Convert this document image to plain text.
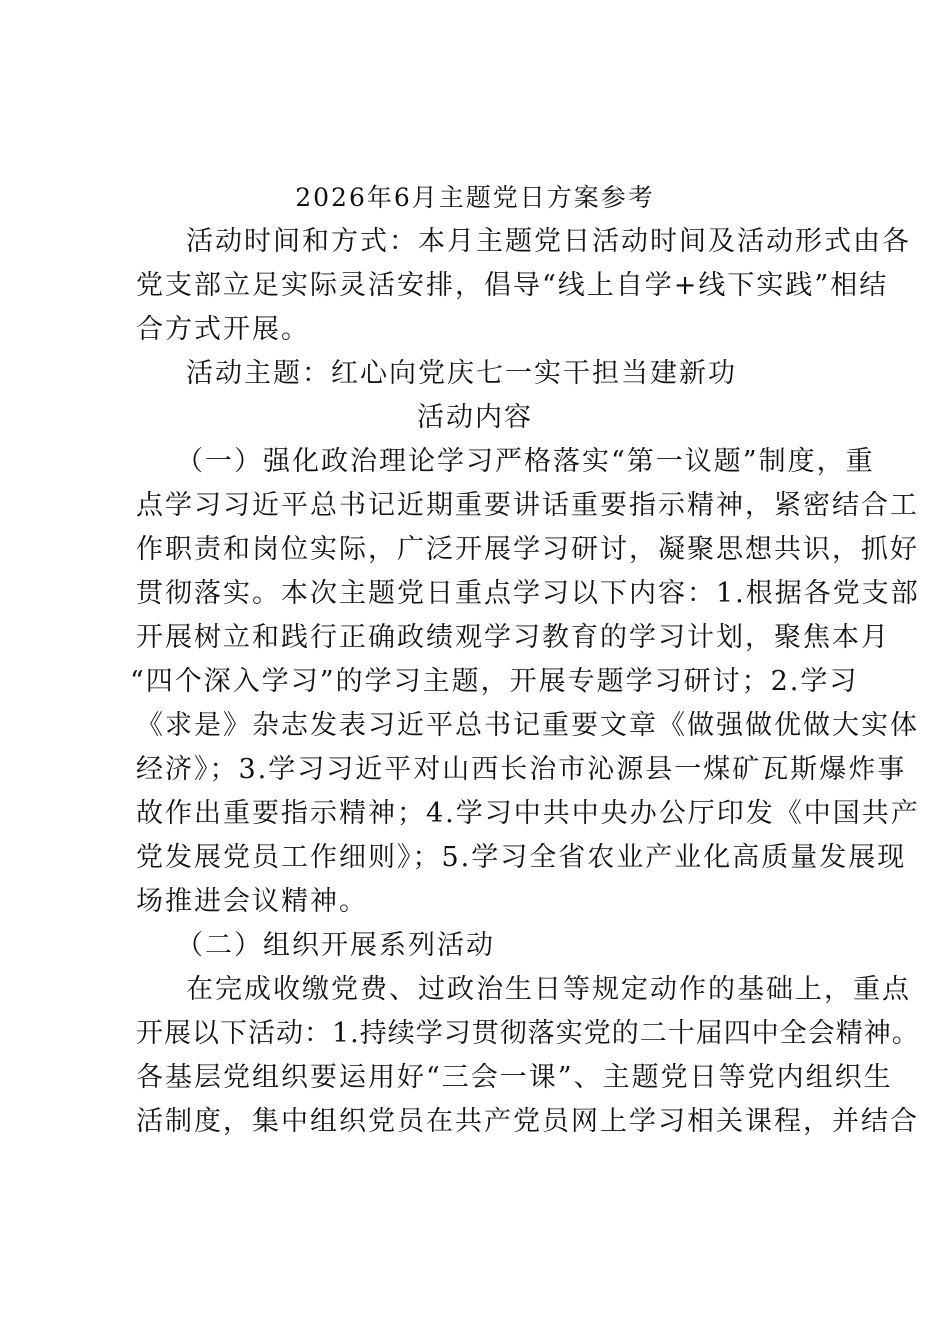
2026年6月主题党日方案参考
活动时间和方式：本月主题党日活动时间及活动形式由各
党支部立足实际灵活安排，倡导“线上自学+线下实践”相结
合方式开展。
活动主题：红心向党庆七一实干担当建新功
活动内容
（一）强化政治理论学习严格落实“第一议题”制度，重
点学习习近平总书记近期重要讲话重要指示精神，紧密结合工
作职责和岗位实际，广泛开展学习研讨，凝聚思想共识，抓好
贯彻落实。本次主题党日重点学习以下内容：1.根据各党支部
开展树立和践行正确政绩观学习教育的学习计划，聚焦本月
“四个深入学习”的学习主题，开展专题学习研讨；2.学习
《求是》杂志发表习近平总书记重要文章《做强做优做大实体
经济》；3.学习习近平对山西长治市沁源县一煤矿瓦斯爆炸事
故作出重要指示精神；4.学习中共中央办公厅印发《中国共产
党发展党员工作细则》；5.学习全省农业产业化高质量发展现
场推进会议精神。
（二）组织开展系列活动
在完成收缴党费、过政治生日等规定动作的基础上，重点
开展以下活动：1.持续学习贯彻落实党的二十届四中全会精神。
各基层党组织要运用好“三会一课”、主题党日等党内组织生
活制度，集中组织党员在共产党员网上学习相关课程，并结合
